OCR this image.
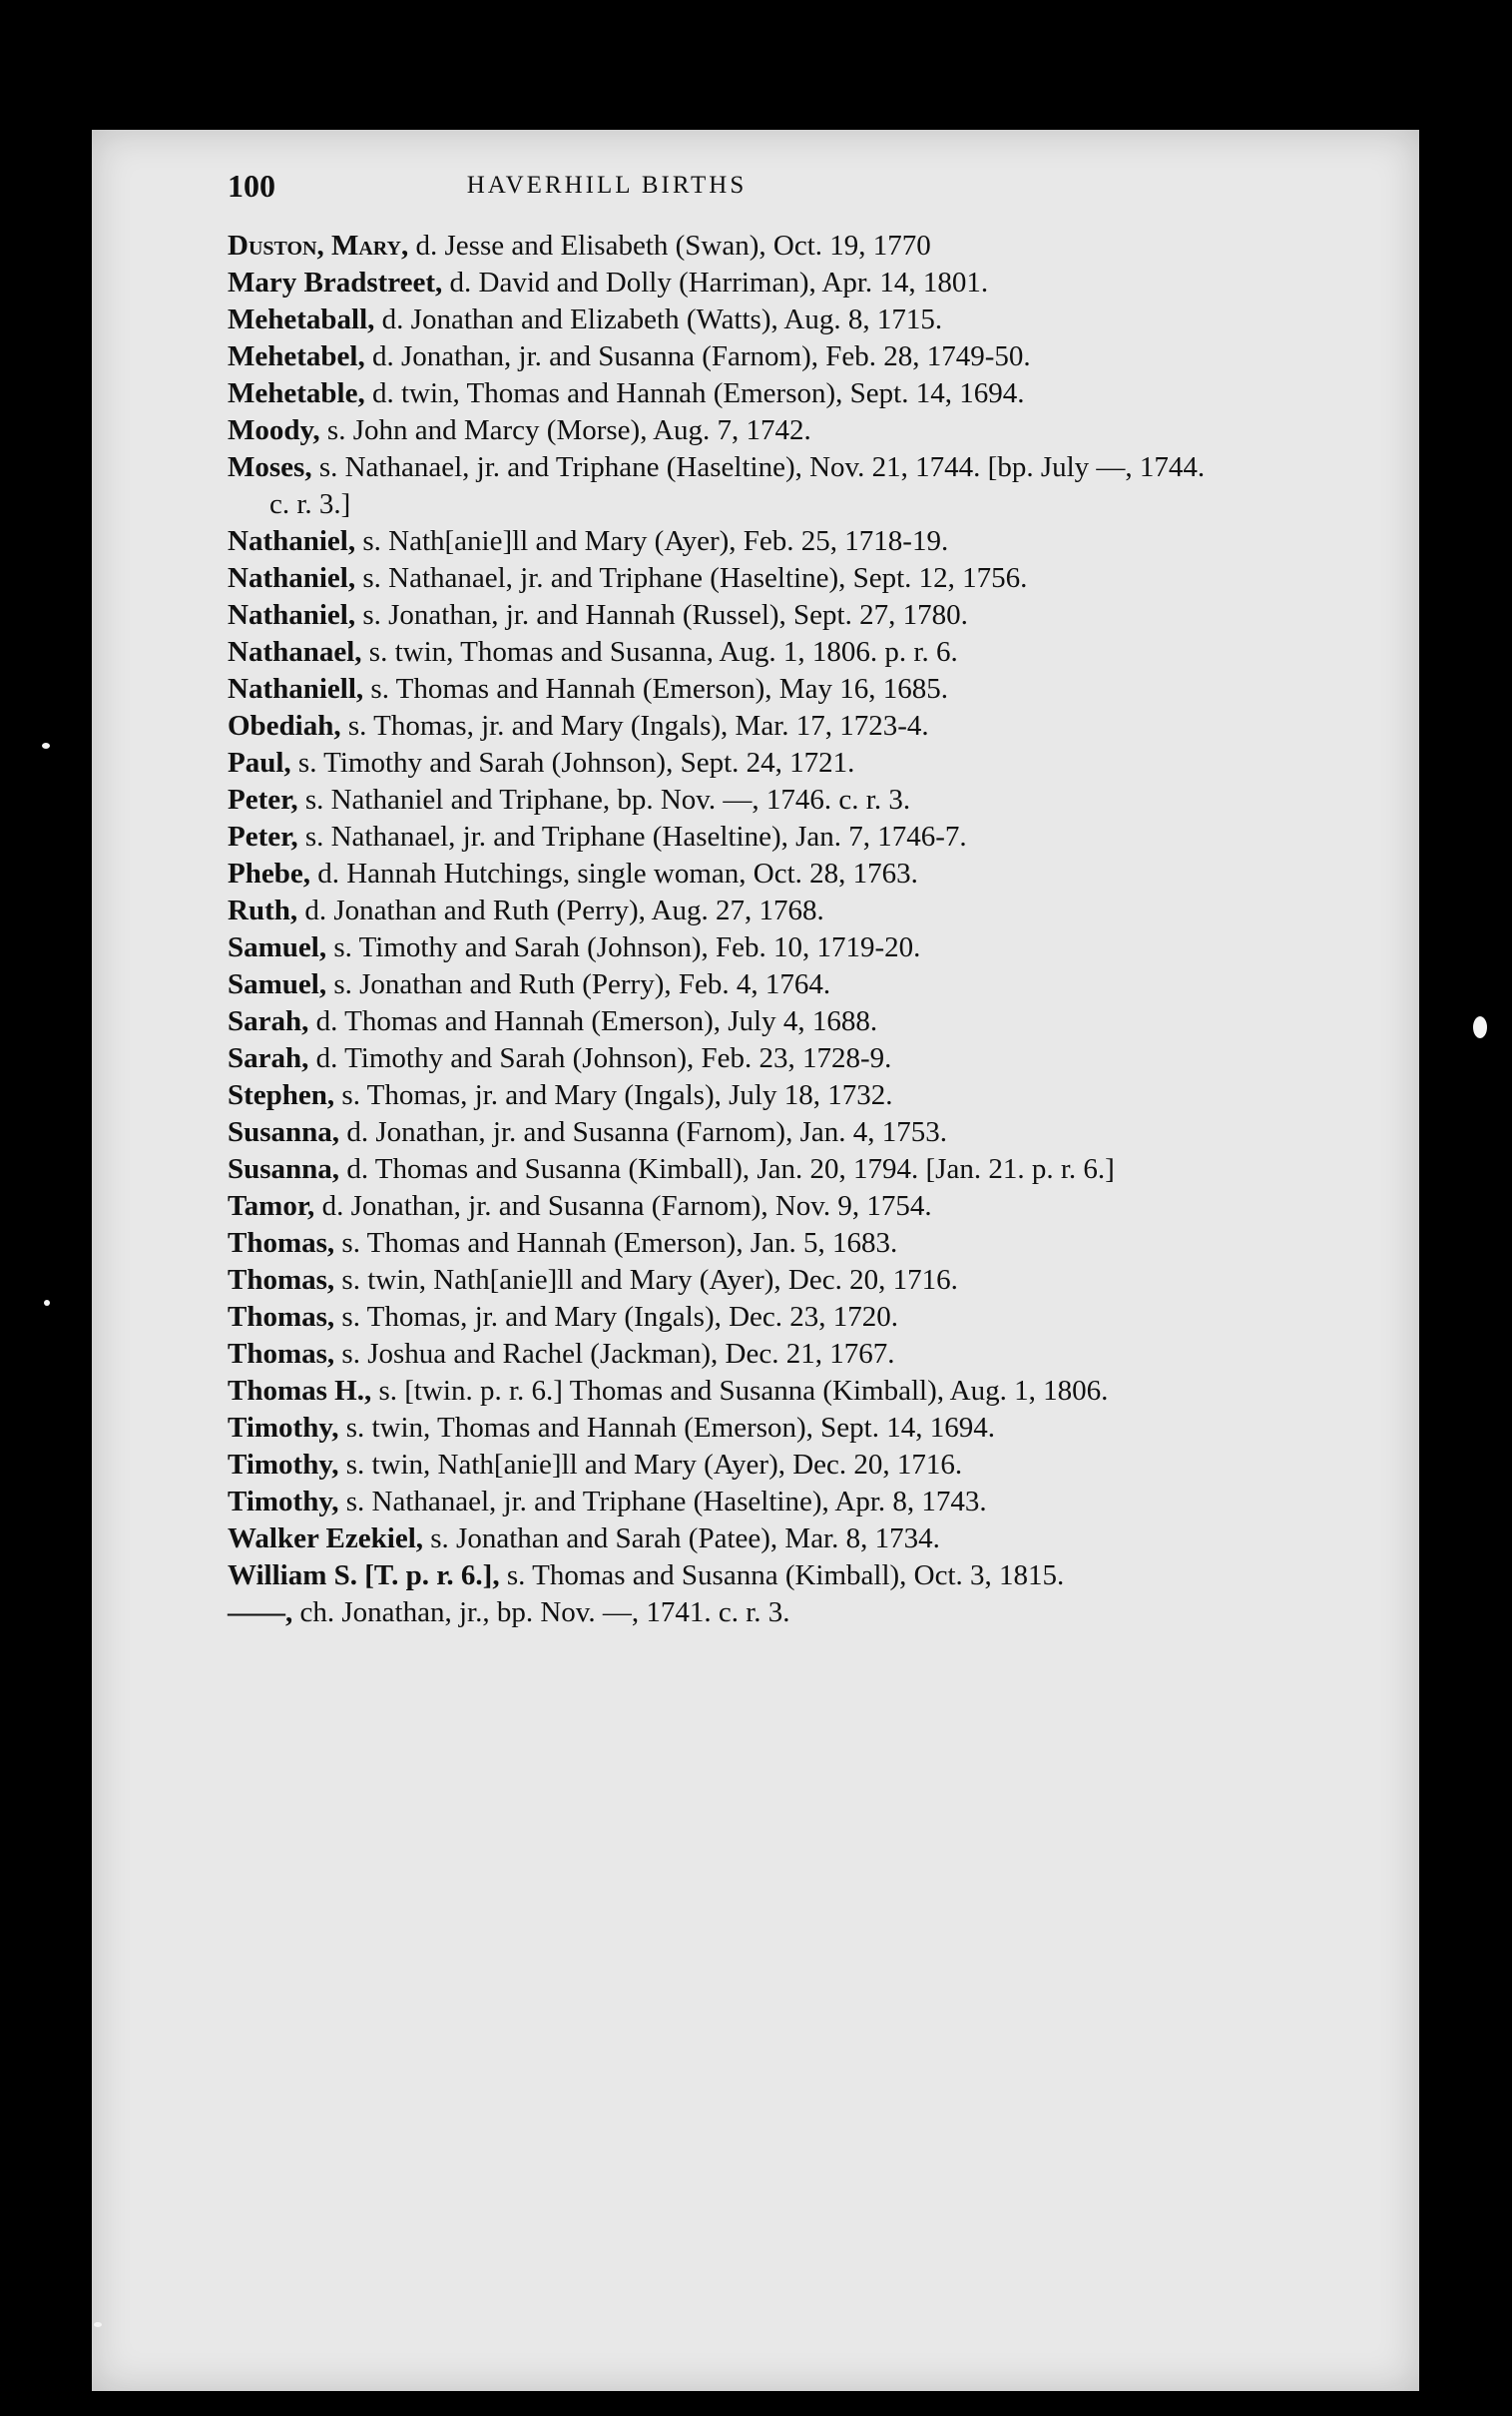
100	HAVERHILL BIRTHS

Duston, Mary, d. Jesse and Elisabeth (Swan), Oct. 19, 1770

Mary Bradstreet, d. David and Dolly (Harriman), Apr. 14, 1801.

Mehetaball, d. Jonathan and Elizabeth (Watts), Aug. 8, 1715.

Mehetabel, d. Jonathan, jr. and Susanna (Farnom), Feb. 28, 1749-50.

Mehetable, d. twin, Thomas and Hannah (Emerson), Sept. 14, 1694.

Moody, s. John and Marcy (Morse), Aug. 7, 1742.

Moses, s. Nathanael, jr. and Triphane (Haseltine), Nov. 21, 1744. [bp. July —, 1744. c. r. 3.]

Nathaniel, s. Nath[anie]ll and Mary (Ayer), Feb. 25, 1718-19.

Nathaniel, s. Nathanael, jr. and Triphane (Haseltine), Sept. 12, 1756.

Nathaniel, s. Jonathan, jr. and Hannah (Russel), Sept. 27, 1780.

Nathanael, s. twin, Thomas and Susanna, Aug. 1, 1806. p. r. 6.

Nathaniell, s. Thomas and Hannah (Emerson), May 16, 1685.

Obediah, s. Thomas, jr. and Mary (Ingals), Mar. 17, 1723-4.

Paul, s. Timothy and Sarah (Johnson), Sept. 24, 1721.

Peter, s. Nathaniel and Triphane, bp. Nov. —, 1746. c. r. 3.

Peter, s. Nathanael, jr. and Triphane (Haseltine), Jan. 7, 1746-7.

Phebe, d. Hannah Hutchings, single woman, Oct. 28, 1763.

Ruth, d. Jonathan and Ruth (Perry), Aug. 27, 1768.

Samuel, s. Timothy and Sarah (Johnson), Feb. 10, 1719-20.

Samuel, s. Jonathan and Ruth (Perry), Feb. 4, 1764.

Sarah, d. Thomas and Hannah (Emerson), July 4, 1688.

Sarah, d. Timothy and Sarah (Johnson), Feb. 23, 1728-9.

Stephen, s. Thomas, jr. and Mary (Ingals), July 18, 1732.

Susanna, d. Jonathan, jr. and Susanna (Farnom), Jan. 4, 1753.

Susanna, d. Thomas and Susanna (Kimball), Jan. 20, 1794. [Jan. 21. p. r. 6.]

Tamor, d. Jonathan, jr. and Susanna (Farnom), Nov. 9, 1754.

Thomas, s. Thomas and Hannah (Emerson), Jan. 5, 1683.

Thomas, s. twin, Nath[anie]ll and Mary (Ayer), Dec. 20, 1716.

Thomas, s. Thomas, jr. and Mary (Ingals), Dec. 23, 1720.

Thomas, s. Joshua and Rachel (Jackman), Dec. 21, 1767.

Thomas H., s. [twin. p. r. 6.] Thomas and Susanna (Kimball), Aug. 1, 1806.

Timothy, s. twin, Thomas and Hannah (Emerson), Sept. 14, 1694.

Timothy, s. twin, Nath[anie]ll and Mary (Ayer), Dec. 20, 1716.

Timothy, s. Nathanael, jr. and Triphane (Haseltine), Apr. 8, 1743.

Walker Ezekiel, s. Jonathan and Sarah (Patee), Mar. 8, 1734.

William S. [T. p. r. 6.], s. Thomas and Susanna (Kimball), Oct. 3, 1815.

——, ch. Jonathan, jr., bp. Nov. —, 1741. c. r. 3.
